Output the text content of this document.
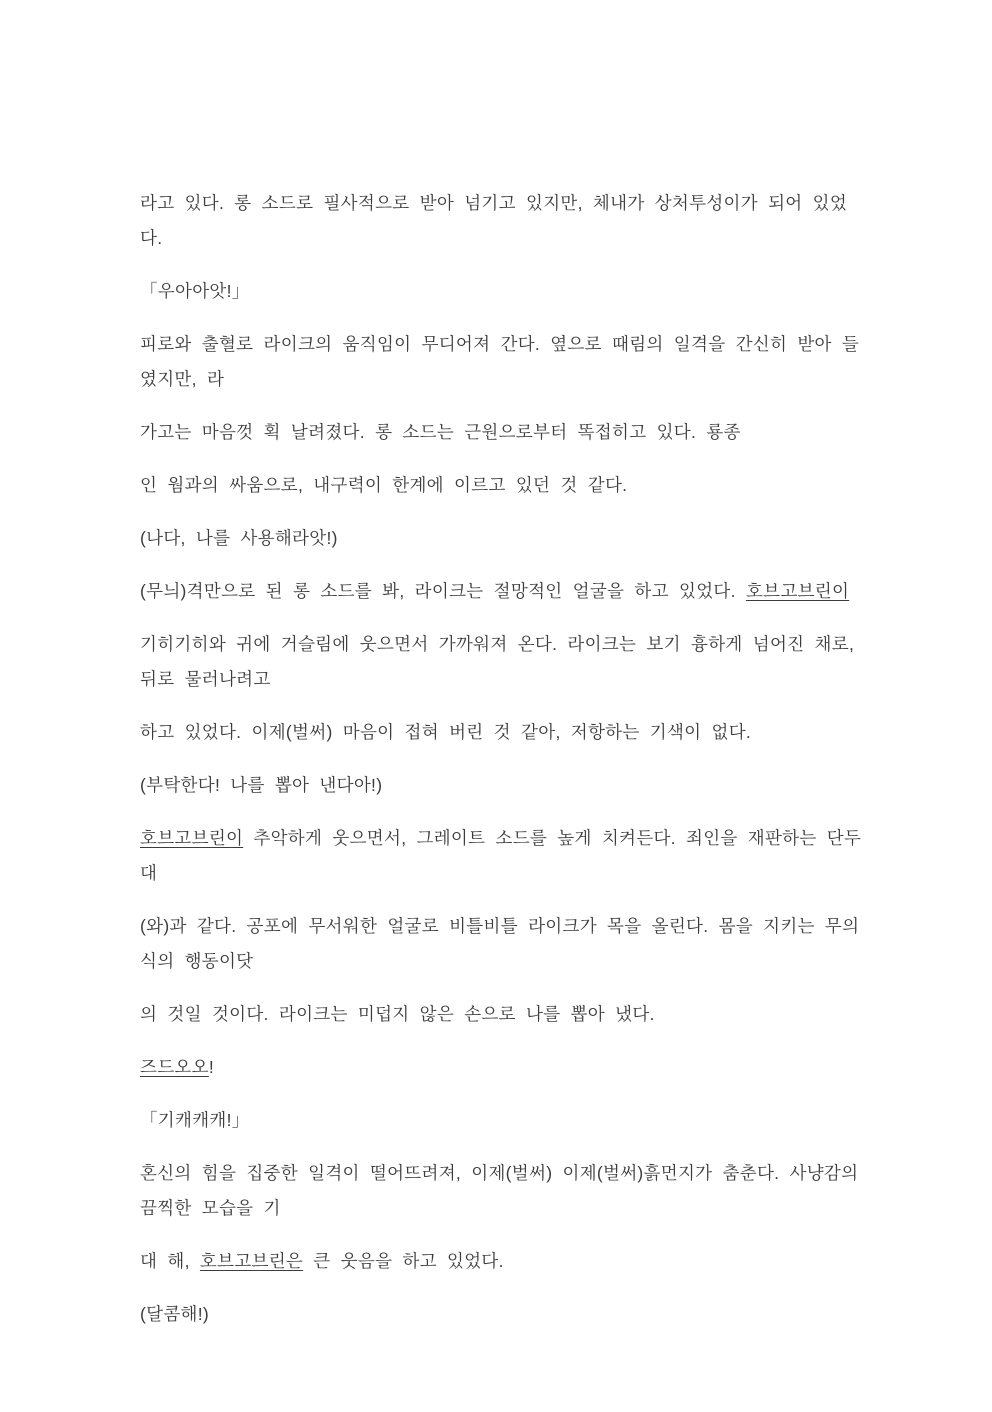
라고 있다. 롱 소드로 필사적으로 받아 넘기고 있지만, 체내가 상처투성이가 되어 있었다.

「우아아앗!」

피로와 출혈로 라이크의 움직임이 무디어져 간다. 옆으로 때림의 일격을 간신히 받아 들였지만, 라

가고는 마음껏 획 날려졌다. 롱 소드는 근원으로부터 똑접히고 있다. 룡종

인 웜과의 싸움으로, 내구력이 한계에 이르고 있던 것 같다.

(나다, 나를 사용해라앗!)

(무늬)격만으로 된 롱 소드를 봐, 라이크는 절망적인 얼굴을 하고 있었다. 호브고브린이

기히기히와 귀에 거슬림에 웃으면서 가까워져 온다. 라이크는 보기 흉하게 넘어진 채로, 뒤로 물러나려고

하고 있었다. 이제(벌써) 마음이 접혀 버린 것 같아, 저항하는 기색이 없다.

(부탁한다! 나를 뽑아 낸다아!)

호브고브린이 추악하게 웃으면서, 그레이트 소드를 높게 치켜든다. 죄인을 재판하는 단두대

(와)과 같다. 공포에 무서워한 얼굴로 비틀비틀 라이크가 목을 올린다. 몸을 지키는 무의식의 행동이닷

의 것일 것이다. 라이크는 미덥지 않은 손으로 나를 뽑아 냈다.

즈드오오!

「기캐캐캐!」

혼신의 힘을 집중한 일격이 떨어뜨려져, 이제(벌써) 이제(벌써)흙먼지가 춤춘다. 사냥감의 끔찍한 모습을 기

대 해, 호브고브린은 큰 웃음을 하고 있었다.

(달콤해!)
